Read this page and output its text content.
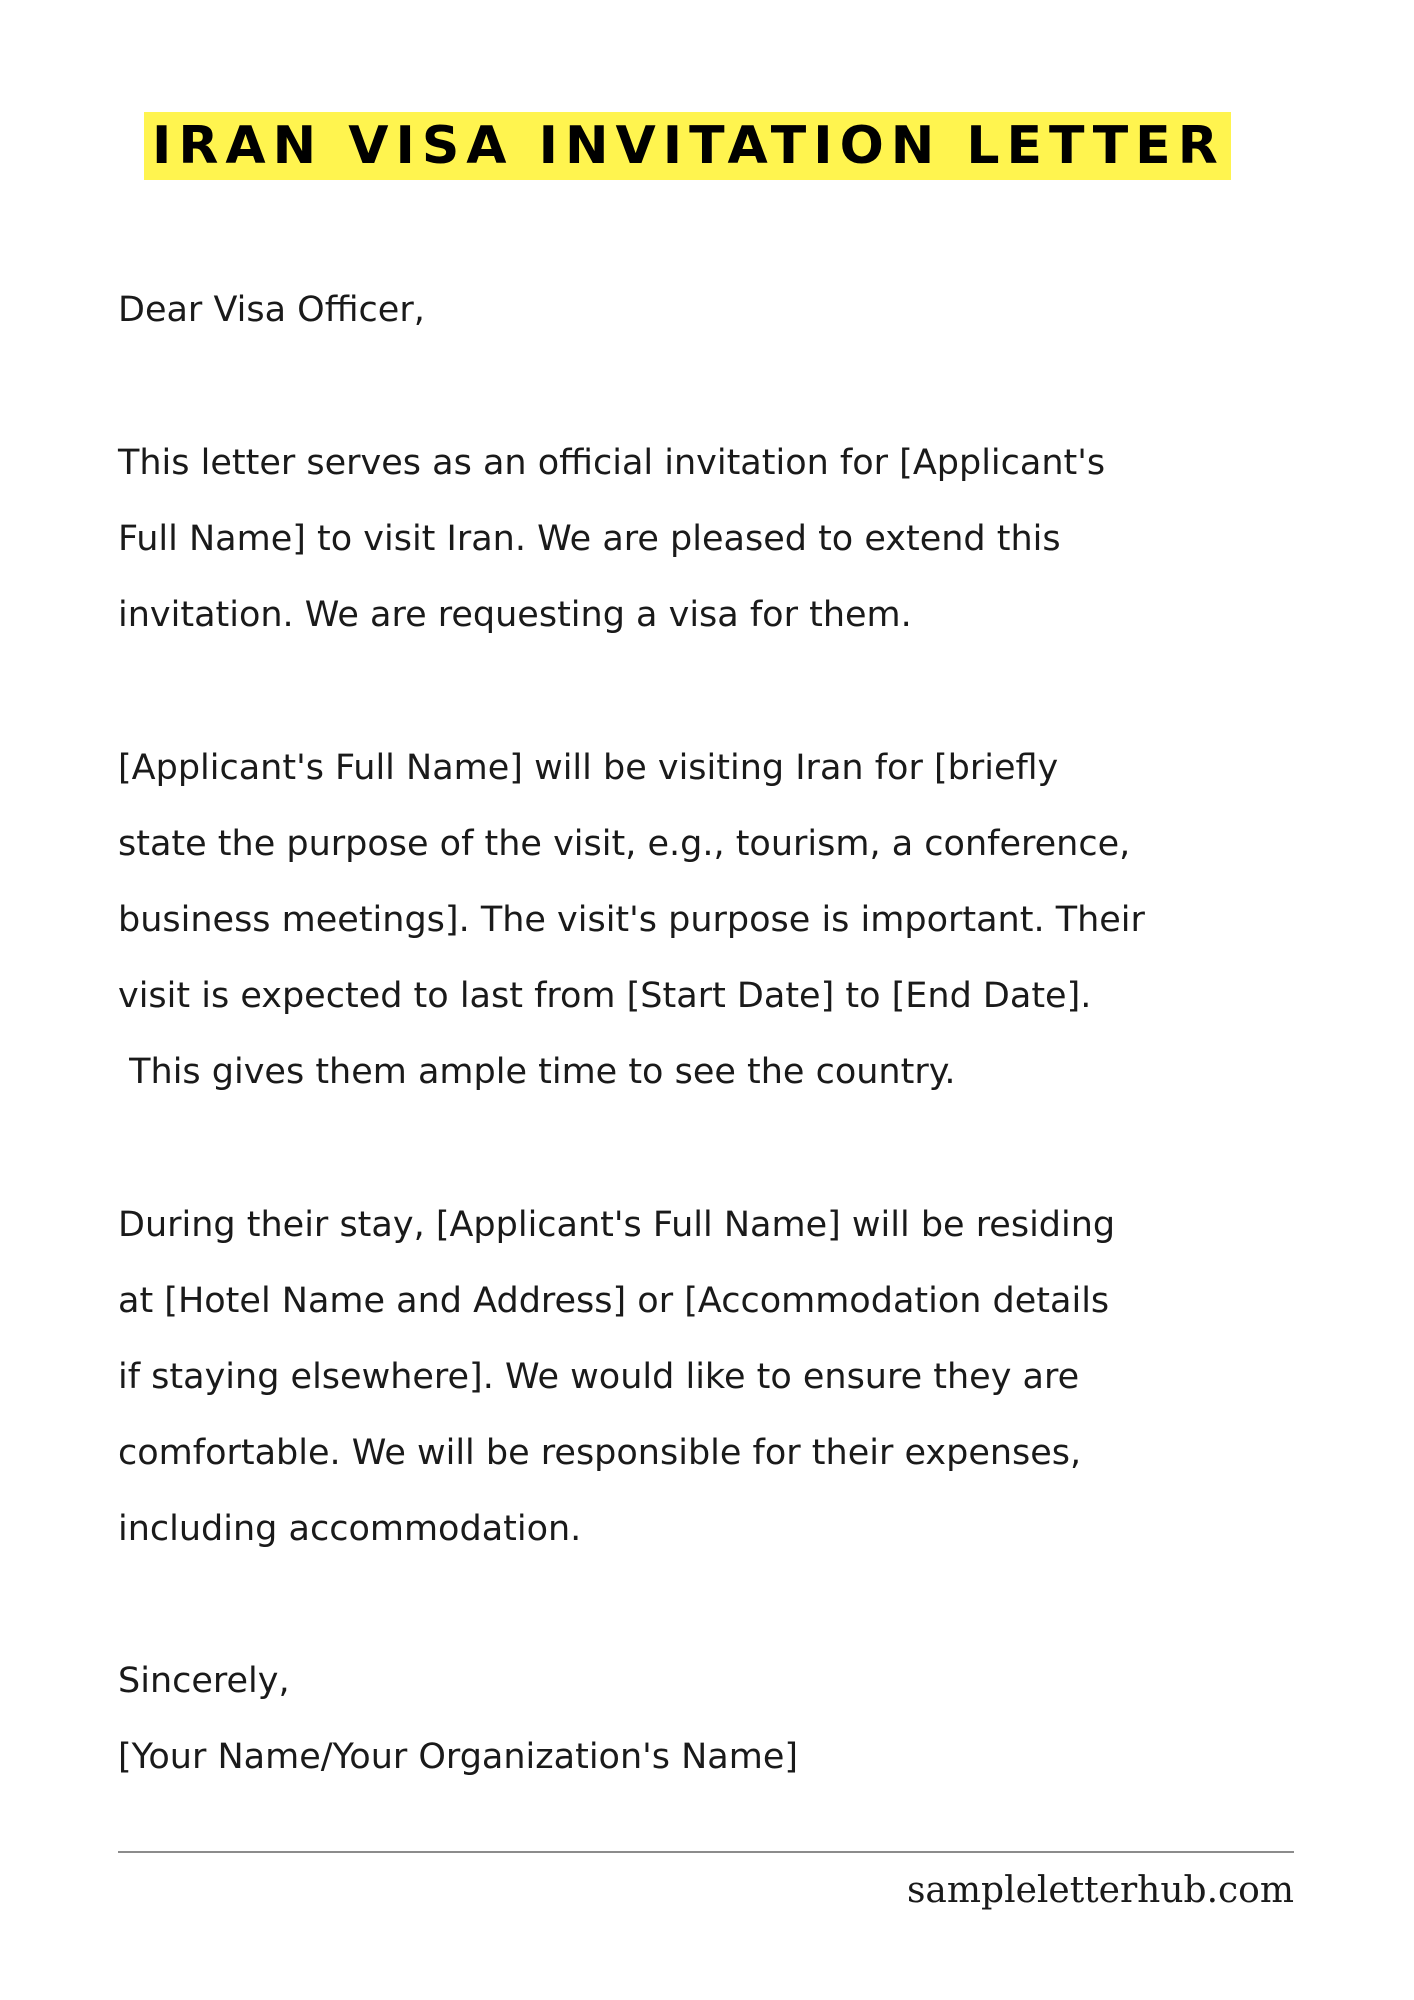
IRAN VISA INVITATION LETTER

Dear Visa Officer,

This letter serves as an official invitation for [Applicant's
Full Name] to visit Iran. We are pleased to extend this
invitation. We are requesting a visa for them.

[Applicant's Full Name] will be visiting Iran for [briefly
state the purpose of the visit, e.g., tourism, a conference,
business meetings]. The visit's purpose is important. Their
visit is expected to last from [Start Date] to [End Date].
This gives them ample time to see the country.

During their stay, [Applicant's Full Name] will be residing
at [Hotel Name and Address] or [Accommodation details
if staying elsewhere]. We would like to ensure they are
comfortable. We will be responsible for their expenses,
including accommodation.

Sincerely,
[Your Name/Your Organization's Name]

sampleletterhub.com
